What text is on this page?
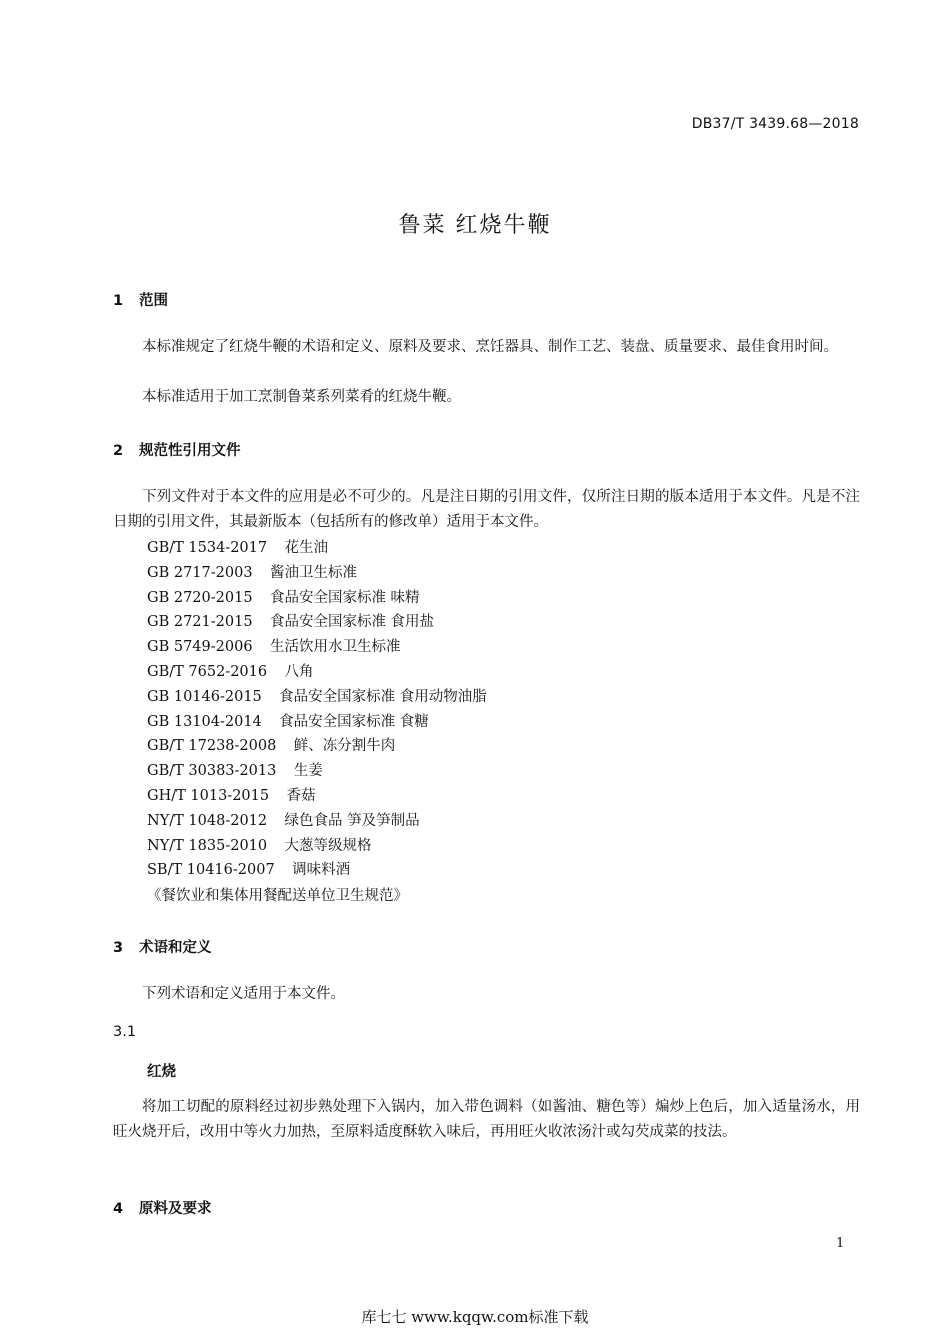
DB37/T 3439.68—2018
鲁菜 红烧牛鞭
1 范围
本标准规定了红烧牛鞭的术语和定义、原料及要求、烹饪器具、制作工艺、装盘、质量要求、最佳食用时间。
本标准适用于加工烹制鲁菜系列菜肴的红烧牛鞭。
2 规范性引用文件
下列文件对于本文件的应用是必不可少的。凡是注日期的引用文件，仅所注日期的版本适用于本文件。凡是不注日期的引用文件，其最新版本（包括所有的修改单）适用于本文件。
GB/T 1534-2017 花生油
GB 2717-2003 酱油卫生标准
GB 2720-2015 食品安全国家标准 味精
GB 2721-2015 食品安全国家标准 食用盐
GB 5749-2006 生活饮用水卫生标准
GB/T 7652-2016 八角
GB 10146-2015 食品安全国家标准 食用动物油脂
GB 13104-2014 食品安全国家标准 食糖
GB/T 17238-2008 鲜、冻分割牛肉
GB/T 30383-2013 生姜
GH/T 1013-2015 香菇
NY/T 1048-2012 绿色食品 笋及笋制品
NY/T 1835-2010 大葱等级规格
SB/T 10416-2007 调味料酒
《餐饮业和集体用餐配送单位卫生规范》
3 术语和定义
下列术语和定义适用于本文件。
3.1
红烧
将加工切配的原料经过初步熟处理下入锅内，加入带色调料（如酱油、糖色等）煸炒上色后，加入适量汤水，用旺火烧开后，改用中等火力加热，至原料适度酥软入味后，再用旺火收浓汤汁或勾芡成菜的技法。
4 原料及要求
1
库七七 www.kqqw.com标准下载
